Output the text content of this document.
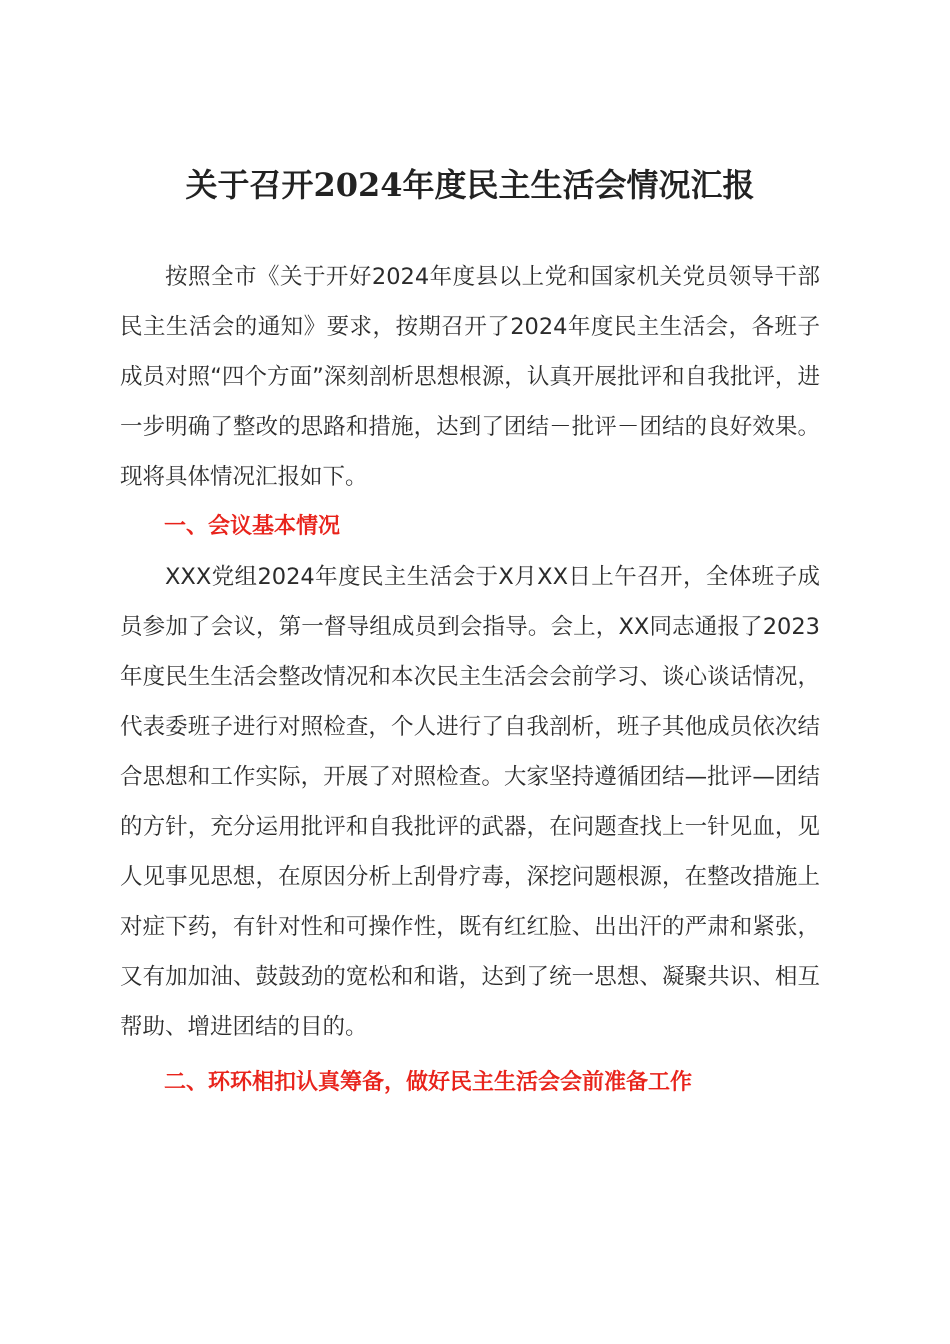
关于召开2024年度民主生活会情况汇报

按照全市《关于开好2024年度县以上党和国家机关党员领导干部民主生活会的通知》要求，按期召开了2024年度民主生活会，各班子成员对照“四个方面”深刻剖析思想根源，认真开展批评和自我批评，进一步明确了整改的思路和措施，达到了团结－批评－团结的良好效果。现将具体情况汇报如下。

一、会议基本情况

XXX党组2024年度民主生活会于X月XX日上午召开，全体班子成员参加了会议，第一督导组成员到会指导。会上，XX同志通报了2023年度民生生活会整改情况和本次民主生活会会前学习、谈心谈话情况，代表委班子进行对照检查，个人进行了自我剖析，班子其他成员依次结合思想和工作实际，开展了对照检查。大家坚持遵循团结—批评—团结的方针，充分运用批评和自我批评的武器，在问题查找上一针见血，见人见事见思想，在原因分析上刮骨疗毒，深挖问题根源，在整改措施上对症下药，有针对性和可操作性，既有红红脸、出出汗的严肃和紧张，又有加加油、鼓鼓劲的宽松和和谐，达到了统一思想、凝聚共识、相互帮助、增进团结的目的。

二、环环相扣认真筹备，做好民主生活会会前准备工作
